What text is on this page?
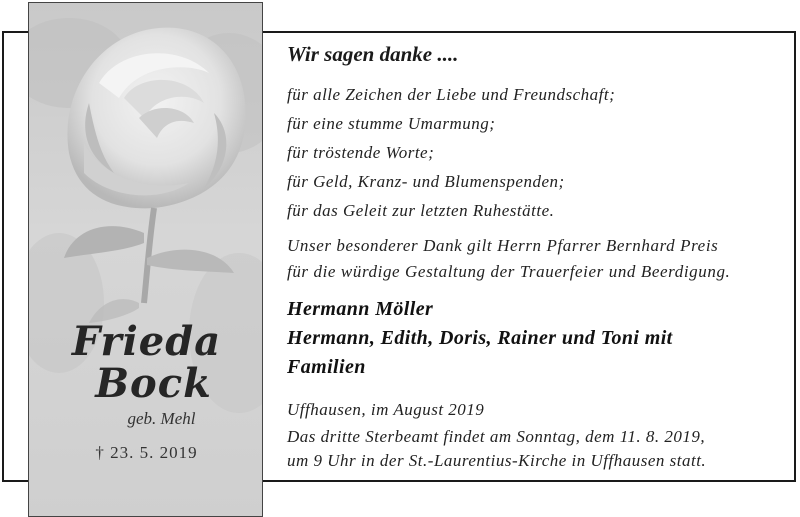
Frieda
Bock
geb. Mehl
† 23. 5. 2019
Wir sagen danke ....

für alle Zeichen der Liebe und Freundschaft;

für eine stumme Umarmung;

für tröstende Worte;

für Geld, Kranz- und Blumenspenden;

für das Geleit zur letzten Ruhestätte.

Unser besonderer Dank gilt Herrn Pfarrer Bernhard Preis
für die würdige Gestaltung der Trauerfeier und Beerdigung.

Hermann Möller
Hermann, Edith, Doris, Rainer und Toni mit
Familien
Uffhausen, im August 2019
Das dritte Sterbeamt findet am Sonntag, dem 11. 8. 2019,
um 9 Uhr in der St.-Laurentius-Kirche in Uffhausen statt.
